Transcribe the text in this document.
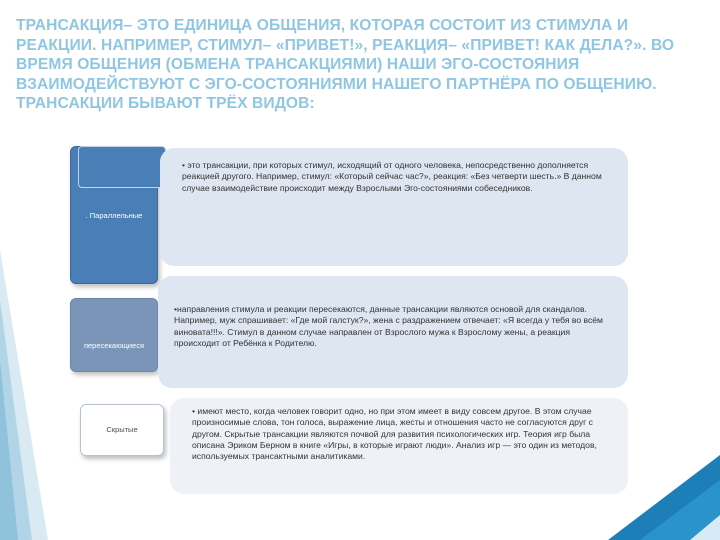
ТРАНСАКЦИЯ– ЭТО ЕДИНИЦА ОБЩЕНИЯ, КОТОРАЯ СОСТОИТ ИЗ СТИМУЛА И РЕАКЦИИ. НАПРИМЕР, СТИМУЛ– «ПРИВЕТ!», РЕАКЦИЯ– «ПРИВЕТ! КАК ДЕЛА?». ВО ВРЕМЯ ОБЩЕНИЯ (ОБМЕНА ТРАНСАКЦИЯМИ) НАШИ ЭГО-СОСТОЯНИЯ ВЗАИМОДЕЙСТВУЮТ С ЭГО-СОСТОЯНИЯМИ НАШЕГО ПАРТНЁРА ПО ОБЩЕНИЮ. ТРАНСАКЦИИ БЫВАЮТ ТРЁХ ВИДОВ:
. Параллельные

• это трансакции, при которых стимул, исходящий от одного человека, непосредственно дополняется реакцией другого. Например, стимул: «Который сейчас час?», реакция: «Без четверти шесть.» В данном случае взаимодействие происходит между Взрослыми Эго-состояниями собеседников.

пересекающиеся

•направления стимула и реакции пересекаются, данные трансакции являются основой для скандалов. Например, муж спрашивает: «Где мой галстук?», жена с раздражением отвечает: «Я всегда у тебя во всём виновата!!!». Стимул в данном случае направлен от Взрослого мужа к Взрослому жены, а реакция происходит от Ребёнка к Родителю.

Скрытые

• имеют место, когда человек говорит одно, но при этом имеет в виду совсем другое. В этом случае произносимые слова, тон голоса, выражение лица, жесты и отношения часто не согласуются друг с другом. Скрытые трансакции являются почвой для развития психологических игр. Теория игр была описана Эриком Берном в книге «Игры, в которые играют люди». Анализ игр — это один из методов, используемых трансактными аналитиками.
